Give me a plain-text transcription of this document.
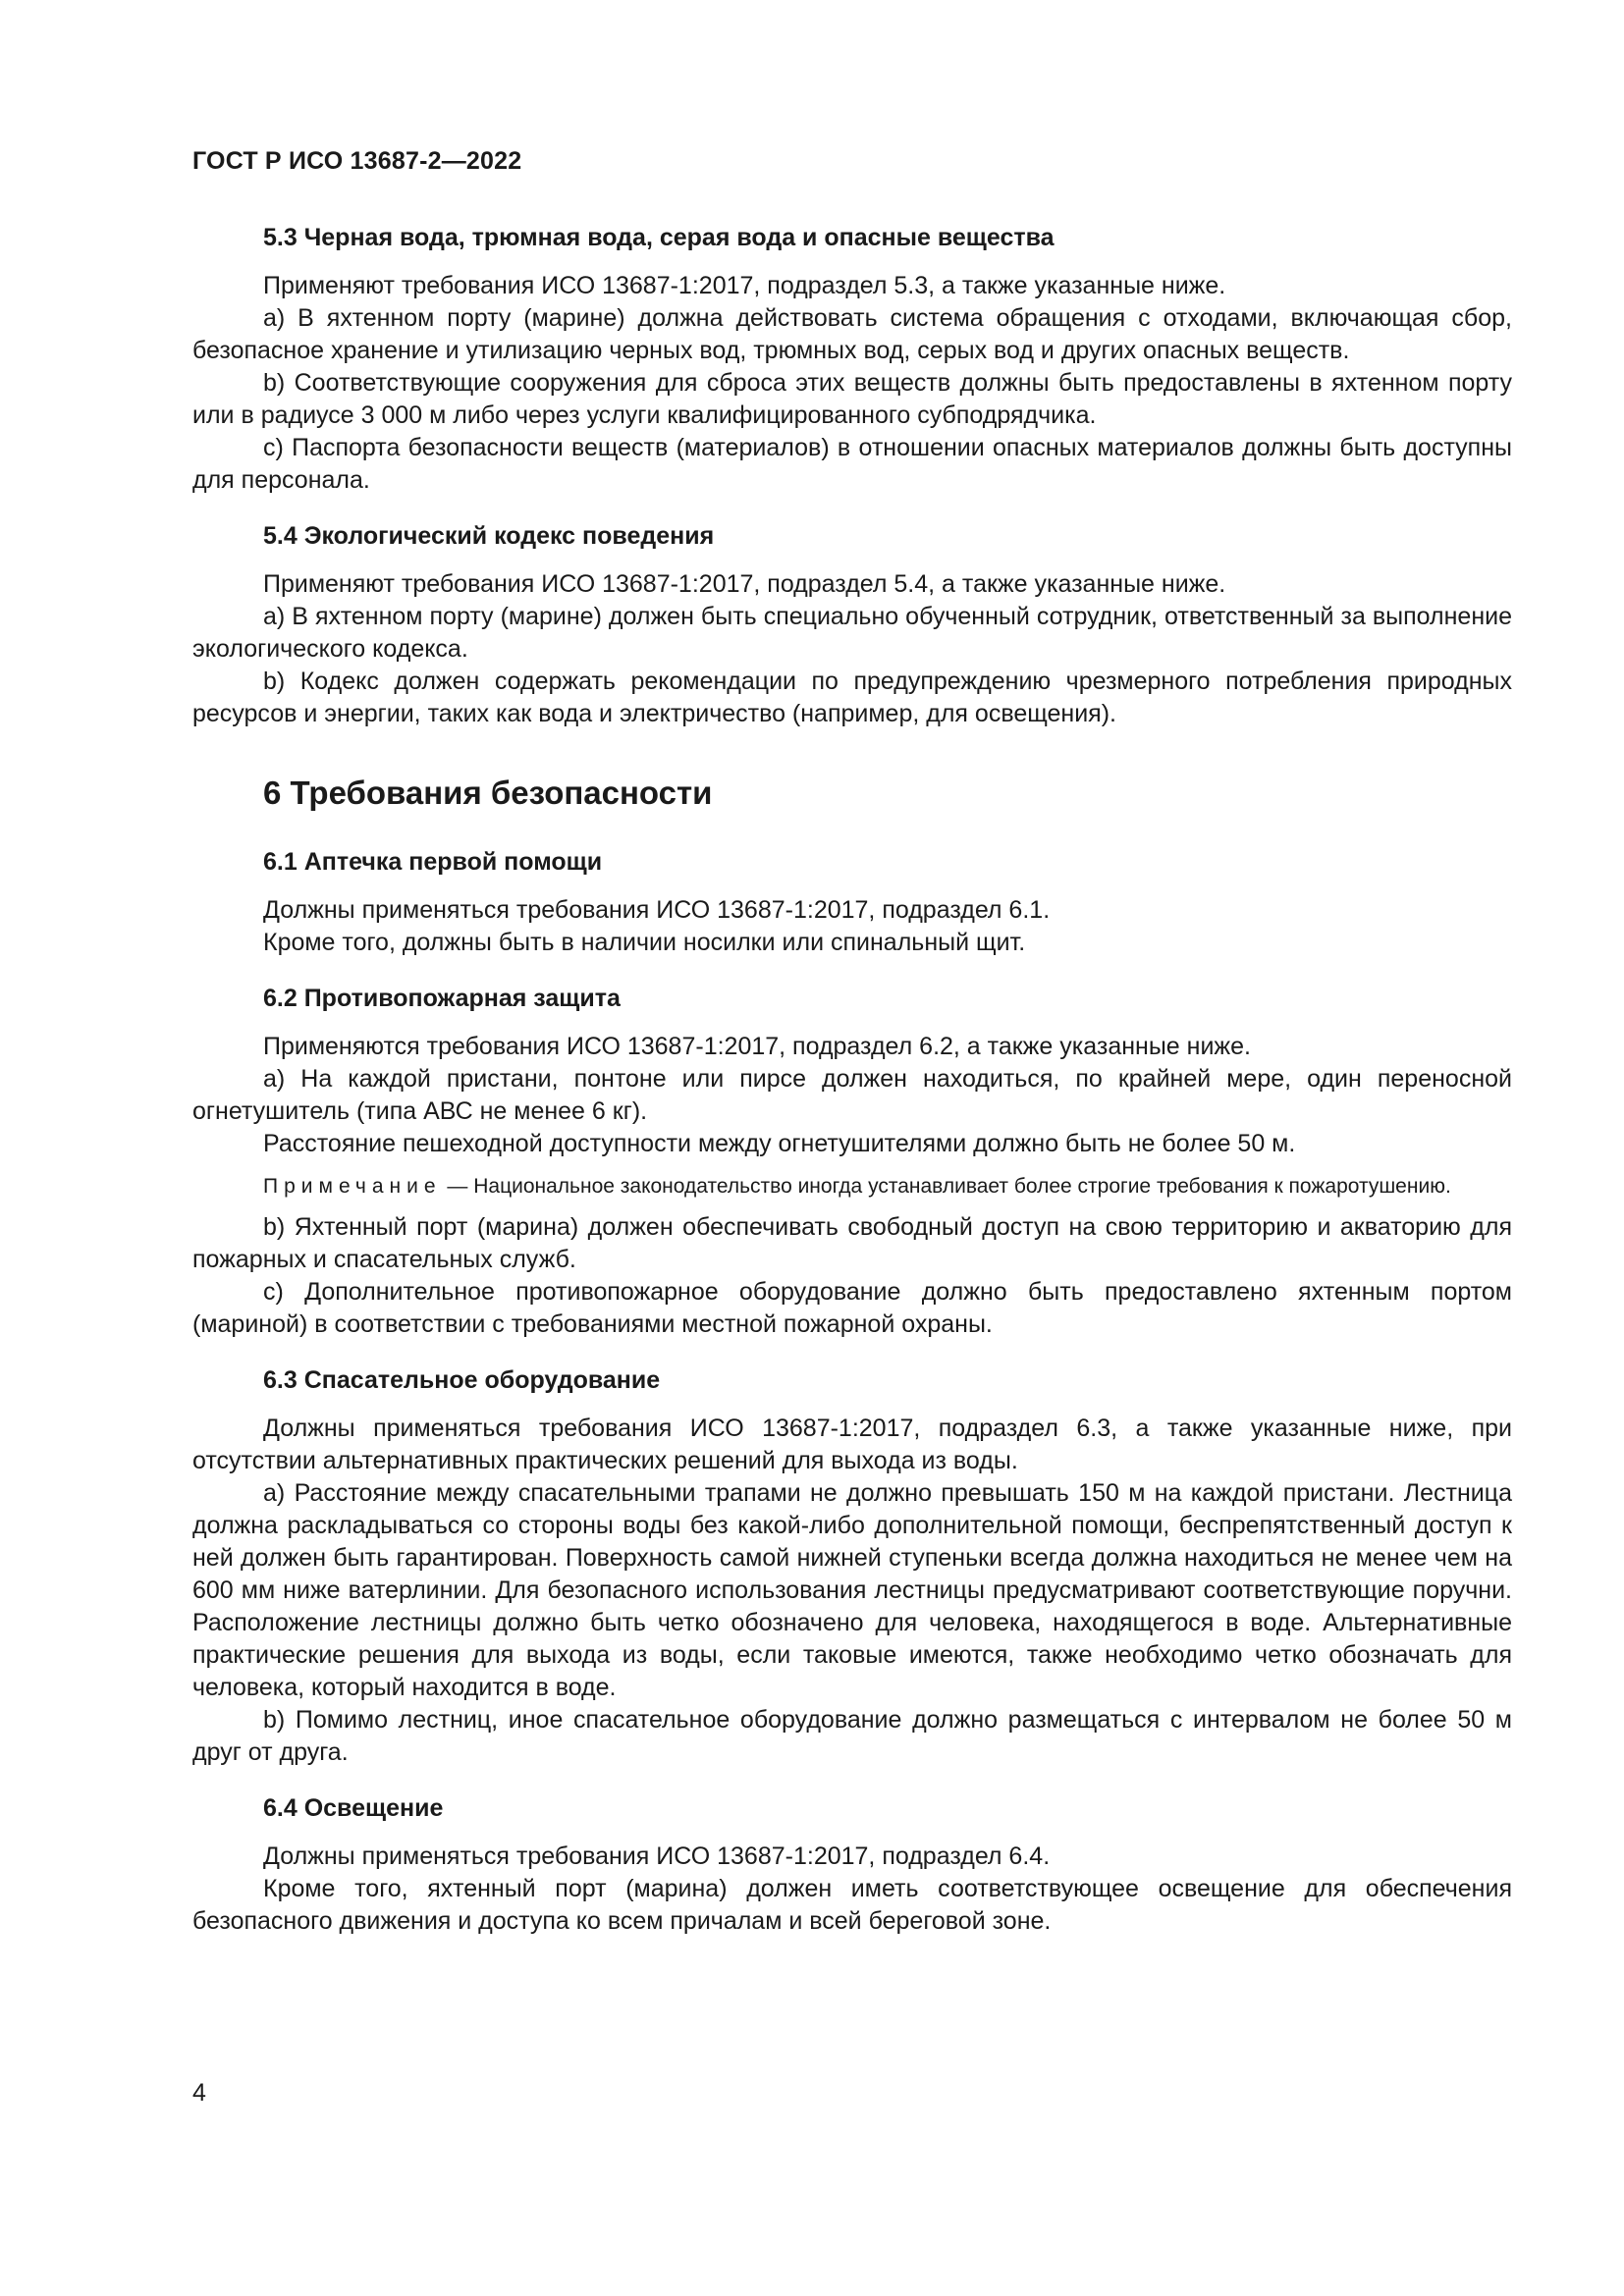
ГОСТ Р ИСО 13687-2—2022
5.3 Черная вода, трюмная вода, серая вода и опасные вещества

Применяют требования ИСО 13687-1:2017, подраздел 5.3, а также указанные ниже.

a) В яхтенном порту (марине) должна действовать система обращения с отходами, включающая сбор, безопасное хранение и утилизацию черных вод, трюмных вод, серых вод и других опасных веществ.

b) Соответствующие сооружения для сброса этих веществ должны быть предоставлены в яхтенном порту или в радиусе 3 000 м либо через услуги квалифицированного субподрядчика.

c) Паспорта безопасности веществ (материалов) в отношении опасных материалов должны быть доступны для персонала.

5.4 Экологический кодекс поведения

Применяют требования ИСО 13687-1:2017, подраздел 5.4, а также указанные ниже.

a) В яхтенном порту (марине) должен быть специально обученный сотрудник, ответственный за выполнение экологического кодекса.

b) Кодекс должен содержать рекомендации по предупреждению чрезмерного потребления природных ресурсов и энергии, таких как вода и электричество (например, для освещения).

6 Требования безопасности
6.1 Аптечка первой помощи

Должны применяться требования ИСО 13687-1:2017, подраздел 6.1.

Кроме того, должны быть в наличии носилки или спинальный щит.

6.2 Противопожарная защита

Применяются требования ИСО 13687-1:2017, подраздел 6.2, а также указанные ниже.

a) На каждой пристани, понтоне или пирсе должен находиться, по крайней мере, один переносной огнетушитель (типа АВС не менее 6 кг).

Расстояние пешеходной доступности между огнетушителями должно быть не более 50 м.

Примечание — Национальное законодательство иногда устанавливает более строгие требования к пожаротушению.

b) Яхтенный порт (марина) должен обеспечивать свободный доступ на свою территорию и акваторию для пожарных и спасательных служб.

c) Дополнительное противопожарное оборудование должно быть предоставлено яхтенным портом (мариной) в соответствии с требованиями местной пожарной охраны.

6.3 Спасательное оборудование

Должны применяться требования ИСО 13687-1:2017, подраздел 6.3, а также указанные ниже, при отсутствии альтернативных практических решений для выхода из воды.

a) Расстояние между спасательными трапами не должно превышать 150 м на каждой пристани. Лестница должна раскладываться со стороны воды без какой-либо дополнительной помощи, беспрепятственный доступ к ней должен быть гарантирован. Поверхность самой нижней ступеньки всегда должна находиться не менее чем на 600 мм ниже ватерлинии. Для безопасного использования лестницы предусматривают соответствующие поручни. Расположение лестницы должно быть четко обозначено для человека, находящегося в воде. Альтернативные практические решения для выхода из воды, если таковые имеются, также необходимо четко обозначать для человека, который находится в воде.

b) Помимо лестниц, иное спасательное оборудование должно размещаться с интервалом не более 50 м друг от друга.

6.4 Освещение

Должны применяться требования ИСО 13687-1:2017, подраздел 6.4.

Кроме того, яхтенный порт (марина) должен иметь соответствующее освещение для обеспечения безопасного движения и доступа ко всем причалам и всей береговой зоне.

4
